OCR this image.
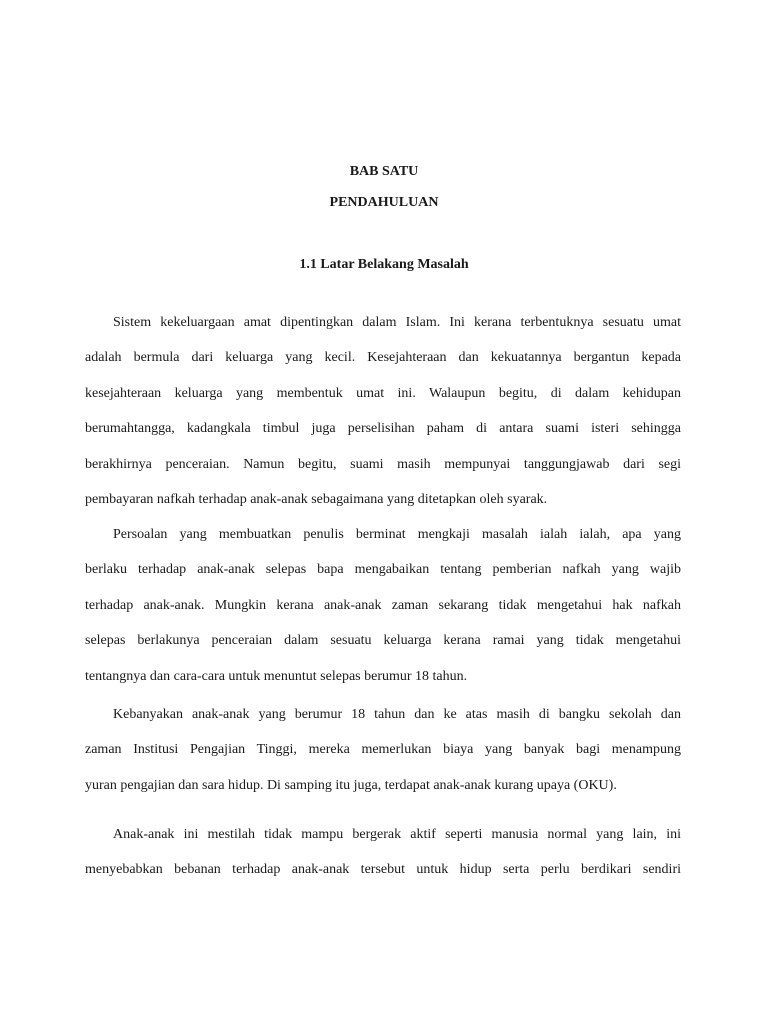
BAB SATU
PENDAHULUAN
1.1 Latar Belakang Masalah
Sistem kekeluargaan amat dipentingkan dalam Islam. Ini kerana terbentuknya sesuatu umat
adalah bermula dari keluarga yang kecil. Kesejahteraan dan kekuatannya bergantun kepada
kesejahteraan keluarga yang membentuk umat ini. Walaupun begitu, di dalam kehidupan
berumahtangga, kadangkala timbul juga perselisihan paham di antara suami isteri sehingga
berakhirnya penceraian. Namun begitu, suami masih mempunyai tanggungjawab dari segi
pembayaran nafkah terhadap anak-anak sebagaimana yang ditetapkan oleh syarak.
Persoalan yang membuatkan penulis berminat mengkaji masalah ialah ialah, apa yang
berlaku terhadap anak-anak selepas bapa mengabaikan tentang pemberian nafkah yang wajib
terhadap anak-anak. Mungkin kerana anak-anak zaman sekarang tidak mengetahui hak nafkah
selepas berlakunya penceraian dalam sesuatu keluarga kerana ramai yang tidak mengetahui
tentangnya dan cara-cara untuk menuntut selepas berumur 18 tahun.
Kebanyakan anak-anak yang berumur 18 tahun dan ke atas masih di bangku sekolah dan
zaman Institusi Pengajian Tinggi, mereka memerlukan biaya yang banyak bagi menampung
yuran pengajian dan sara hidup. Di samping itu juga, terdapat anak-anak kurang upaya (OKU).
Anak-anak ini mestilah tidak mampu bergerak aktif seperti manusia normal yang lain, ini
menyebabkan bebanan terhadap anak-anak tersebut untuk hidup serta perlu berdikari sendiri
